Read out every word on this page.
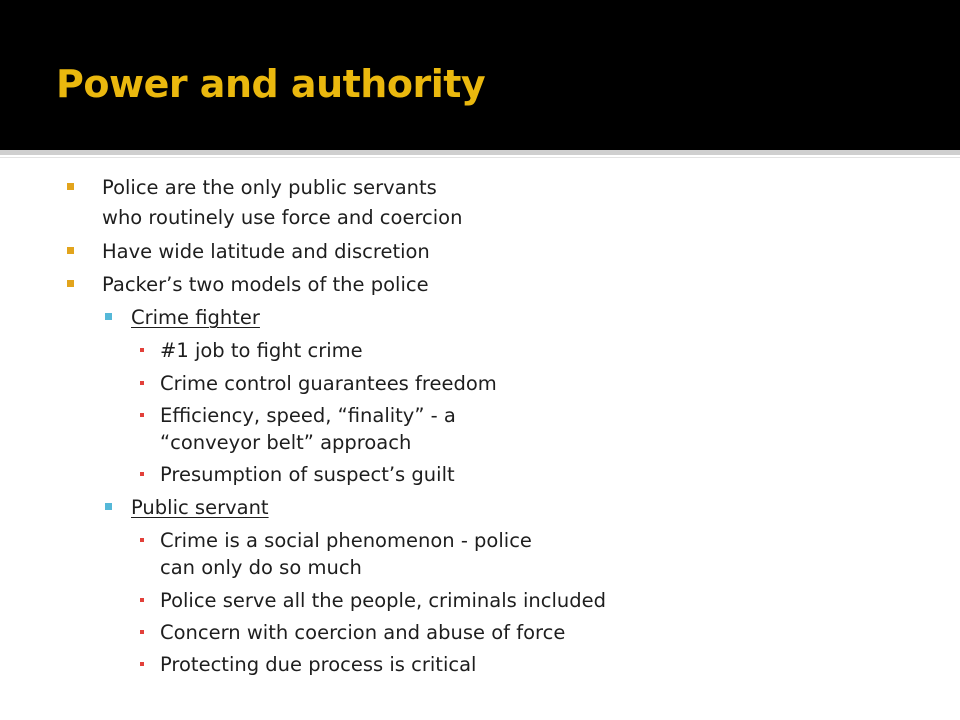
Power and authority
Police are the only public servants
who routinely use force and coercion
Have wide latitude and discretion
Packer’s two models of the police
Crime fighter
#1 job to fight crime
Crime control guarantees freedom
Efficiency, speed, “finality” - a
“conveyor belt” approach
Presumption of suspect’s guilt
Public servant
Crime is a social phenomenon - police
can only do so much
Police serve all the people, criminals included
Concern with coercion and abuse of force
Protecting due process is critical
